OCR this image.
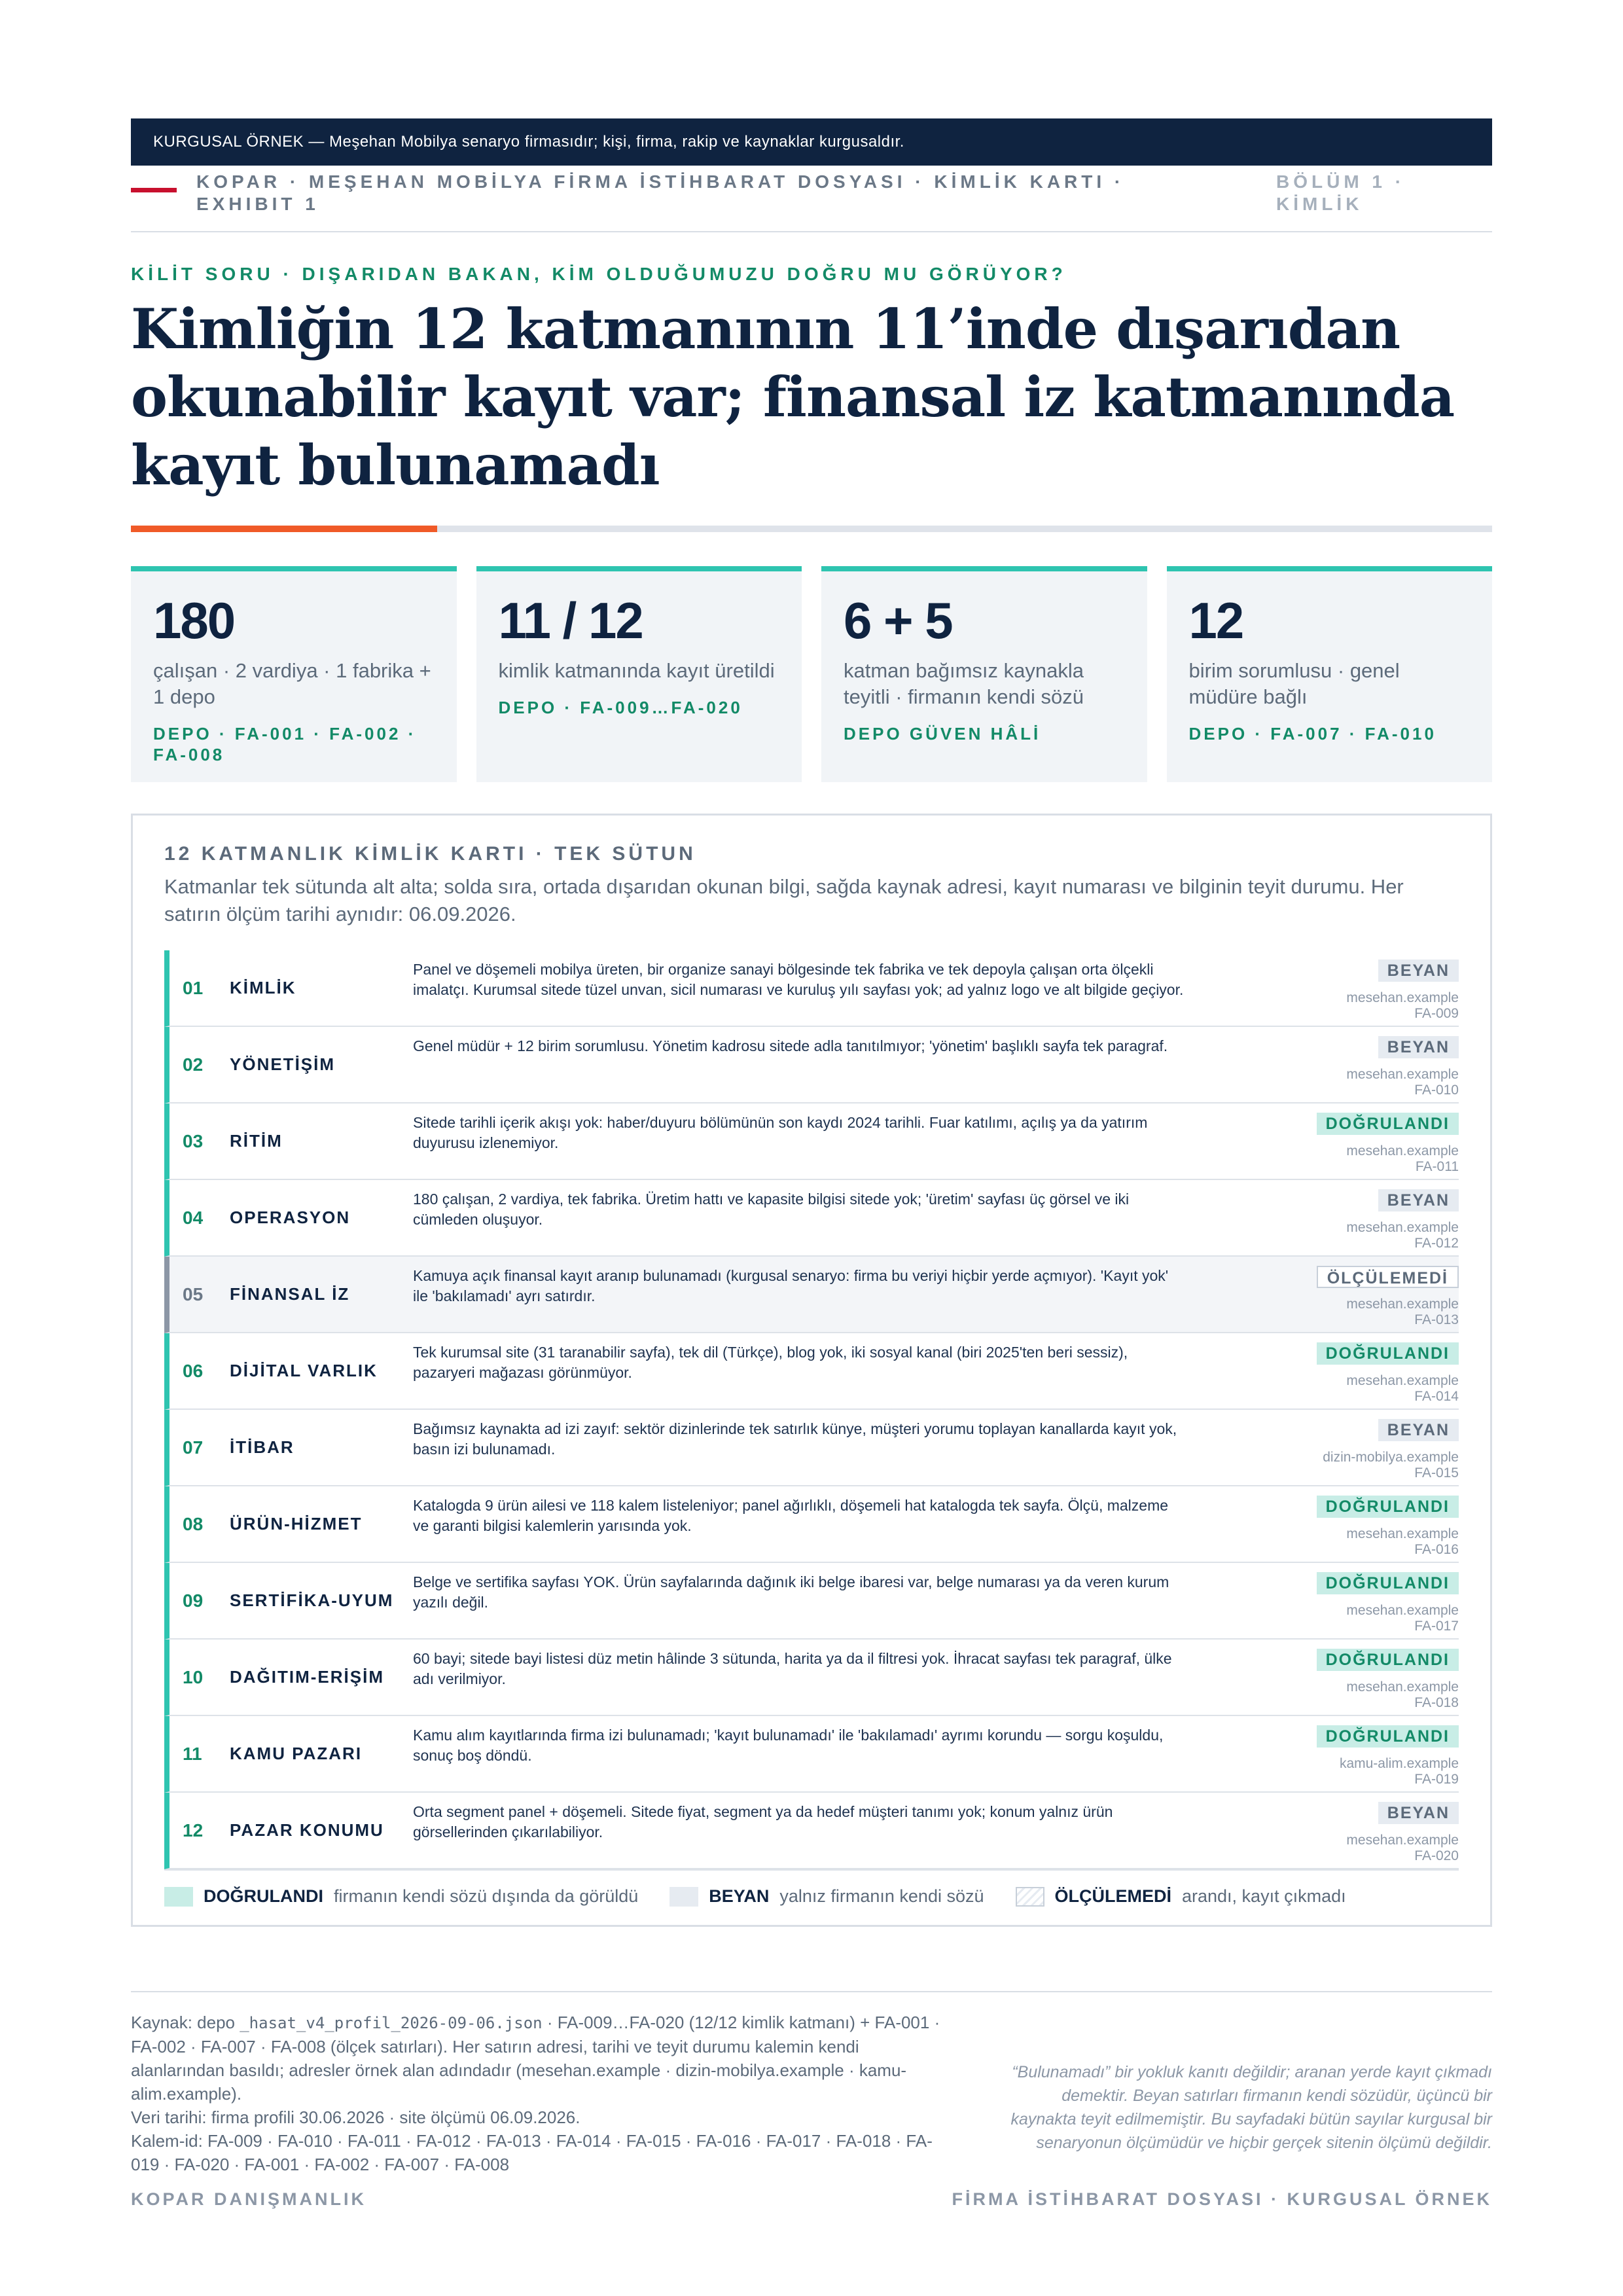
KURGUSAL ÖRNEK — Meşehan Mobilya senaryo firmasıdır; kişi, firma, rakip ve kaynaklar kurgusaldır.
KOPAR · MEŞEHAN MOBİLYA FİRMA İSTİHBARAT DOSYASI · KİMLİK KARTI · EXHIBIT 1
BÖLÜM 1 · KİMLİK
KİLİT SORU · DIŞARIDAN BAKAN, KİM OLDUĞUMUZU DOĞRU MU GÖRÜYOR?
Kimliğin 12 katmanının 11’inde dışarıdan okunabilir kayıt var; finansal iz katmanında kayıt bulunamadı
180
çalışan · 2 vardiya · 1 fabrika + 1 depo
DEPO · FA-001 · FA-002 · FA-008
11 / 12
kimlik katmanında kayıt üretildi
DEPO · FA-009…FA-020
6 + 5
katman bağımsız kaynakla teyitli · firmanın kendi sözü
DEPO GÜVEN HÂLİ
12
birim sorumlusu · genel müdüre bağlı
DEPO · FA-007 · FA-010
12 KATMANLIK KİMLİK KARTI · TEK SÜTUN
Katmanlar tek sütunda alt alta; solda sıra, ortada dışarıdan okunan bilgi, sağda kaynak adresi, kayıt numarası ve bilginin teyit durumu. Her satırın ölçüm tarihi aynıdır: 06.09.2026.
01 KİMLİK
Panel ve döşemeli mobilya üreten, bir organize sanayi bölgesinde tek fabrika ve tek depoyla çalışan orta ölçekli imalatçı. Kurumsal sitede tüzel unvan, sicil numarası ve kuruluş yılı sayfası yok; ad yalnız logo ve alt bilgide geçiyor.
BEYAN
mesehan.example
FA-009
02 YÖNETİŞİM
Genel müdür + 12 birim sorumlusu. Yönetim kadrosu sitede adla tanıtılmıyor; 'yönetim' başlıklı sayfa tek paragraf.	BEYAN
mesehan.example
FA-010
03 RİTİM
Sitede tarihli içerik akışı yok: haber/duyuru bölümünün son kaydı 2024 tarihli. Fuar katılımı, açılış ya da yatırım duyurusu izlenemiyor.
DOĞRULANDI
mesehan.example
FA-011
04 OPERASYON
180 çalışan, 2 vardiya, tek fabrika. Üretim hattı ve kapasite bilgisi sitede yok; 'üretim' sayfası üç görsel ve iki cümleden oluşuyor.
BEYAN
mesehan.example
FA-012
05 FİNANSAL İZ
Kamuya açık finansal kayıt aranıp bulunamadı (kurgusal senaryo: firma bu veriyi hiçbir yerde açmıyor). 'Kayıt yok' ile 'bakılamadı' ayrı satırdır.
ÖLÇÜLEMEDİ
mesehan.example
FA-013
06 DİJİTAL VARLIK
Tek kurumsal site (31 taranabilir sayfa), tek dil (Türkçe), blog yok, iki sosyal kanal (biri 2025'ten beri sessiz), pazaryeri mağazası görünmüyor.
DOĞRULANDI
mesehan.example
FA-014
07 İTİBAR
Bağımsız kaynakta ad izi zayıf: sektör dizinlerinde tek satırlık künye, müşteri yorumu toplayan kanallarda kayıt yok, basın izi bulunamadı.
BEYAN
dizin-mobilya.example
FA-015
08 ÜRÜN-HİZMET
Katalogda 9 ürün ailesi ve 118 kalem listeleniyor; panel ağırlıklı, döşemeli hat katalogda tek sayfa. Ölçü, malzeme ve garanti bilgisi kalemlerin yarısında yok.
DOĞRULANDI
mesehan.example
FA-016
09 SERTİFİKA-UYUM
Belge ve sertifika sayfası YOK. Ürün sayfalarında dağınık iki belge ibaresi var, belge numarası ya da veren kurum yazılı değil.
DOĞRULANDI
mesehan.example
FA-017
10 DAĞITIM-ERİŞİM
60 bayi; sitede bayi listesi düz metin hâlinde 3 sütunda, harita ya da il filtresi yok. İhracat sayfası tek paragraf, ülke adı verilmiyor.
DOĞRULANDI
mesehan.example
FA-018
11 KAMU PAZARI
Kamu alım kayıtlarında firma izi bulunamadı; 'kayıt bulunamadı' ile 'bakılamadı' ayrımı korundu — sorgu koşuldu, sonuç boş döndü.
DOĞRULANDI
kamu-alim.example
FA-019
12 PAZAR KONUMU
Orta segment panel + döşemeli. Sitede fiyat, segment ya da hedef müşteri tanımı yok; konum yalnız ürün görsellerinden çıkarılabiliyor.
BEYAN
mesehan.example
FA-020
DOĞRULANDI firmanın kendi sözü dışında da görüldü	BEYAN yalnız firmanın kendi sözü	ÖLÇÜLEMEDİ arandı, kayıt çıkmadı
Kaynak: depo _hasat_v4_profil_2026-09-06.json · FA-009…FA-020 (12/12 kimlik katmanı) + FA-001 · FA-002 · FA-007 · FA-008 (ölçek satırları). Her satırın adresi, tarihi ve teyit durumu kalemin kendi alanlarından basıldı; adresler örnek alan adındadır (mesehan.example · dizin-mobilya.example · kamu-alim.example).
Veri tarihi: firma profili 30.06.2026 · site ölçümü 06.09.2026.
Kalem-id: FA-009 · FA-010 · FA-011 · FA-012 · FA-013 · FA-014 · FA-015 · FA-016 · FA-017 · FA-018 · FA-019 · FA-020 · FA-001 · FA-002 · FA-007 · FA-008
“Bulunamadı” bir yokluk kanıtı değildir; aranan yerde kayıt çıkmadı demektir. Beyan satırları firmanın kendi sözüdür, üçüncü bir kaynakta teyit edilmemiştir. Bu sayfadaki bütün sayılar kurgusal bir senaryonun ölçümüdür ve hiçbir gerçek sitenin ölçümü değildir.
KOPAR DANIŞMANLIK	FİRMA İSTİHBARAT DOSYASI · KURGUSAL ÖRNEK
